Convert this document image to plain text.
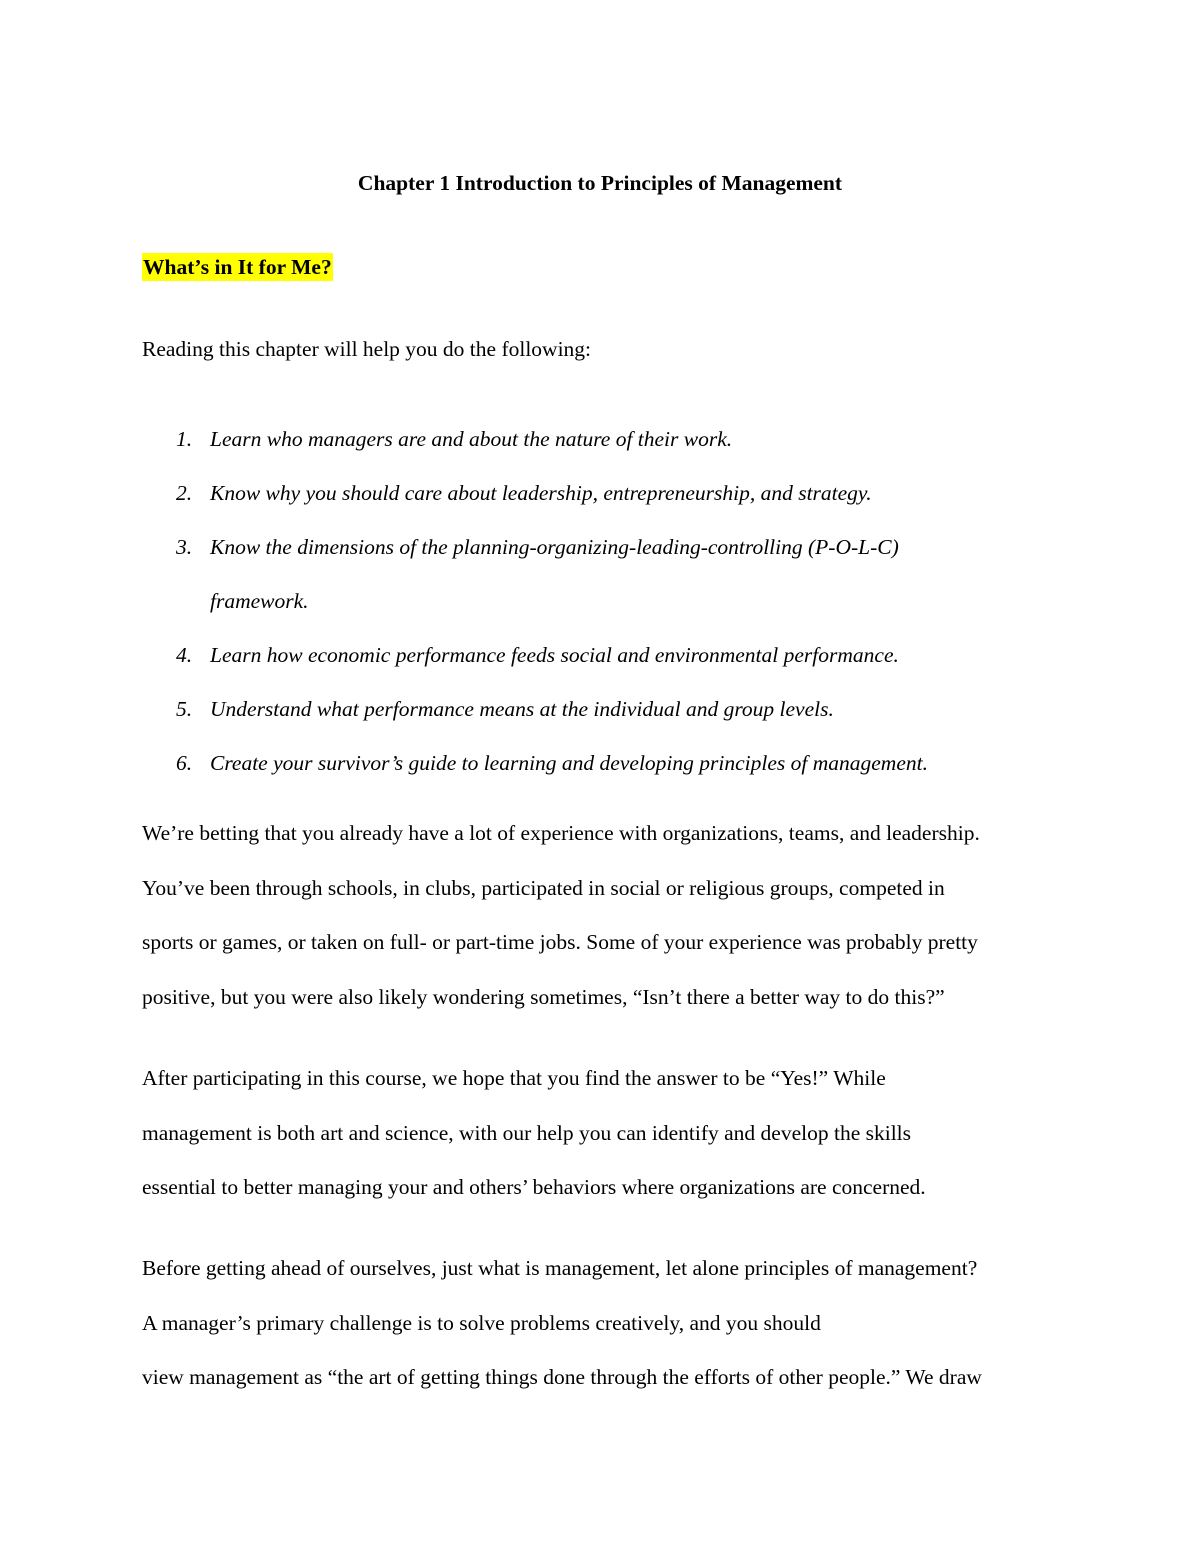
Chapter 1 Introduction to Principles of Management
What’s in It for Me?
Reading this chapter will help you do the following:
1. Learn who managers are and about the nature of their work.
2. Know why you should care about leadership, entrepreneurship, and strategy.
3. Know the dimensions of the planning-organizing-leading-controlling (P-O-L-C)
framework.
4. Learn how economic performance feeds social and environmental performance.
5. Understand what performance means at the individual and group levels.
6. Create your survivor’s guide to learning and developing principles of management.

We’re betting that you already have a lot of experience with organizations, teams, and leadership.
You’ve been through schools, in clubs, participated in social or religious groups, competed in
sports or games, or taken on full- or part-time jobs. Some of your experience was probably pretty
positive, but you were also likely wondering sometimes, “Isn’t there a better way to do this?”

After participating in this course, we hope that you find the answer to be “Yes!” While
management is both art and science, with our help you can identify and develop the skills
essential to better managing your and others’ behaviors where organizations are concerned.

Before getting ahead of ourselves, just what is management, let alone principles of management?
A manager’s primary challenge is to solve problems creatively, and you should
view management as “the art of getting things done through the efforts of other people.” We draw
